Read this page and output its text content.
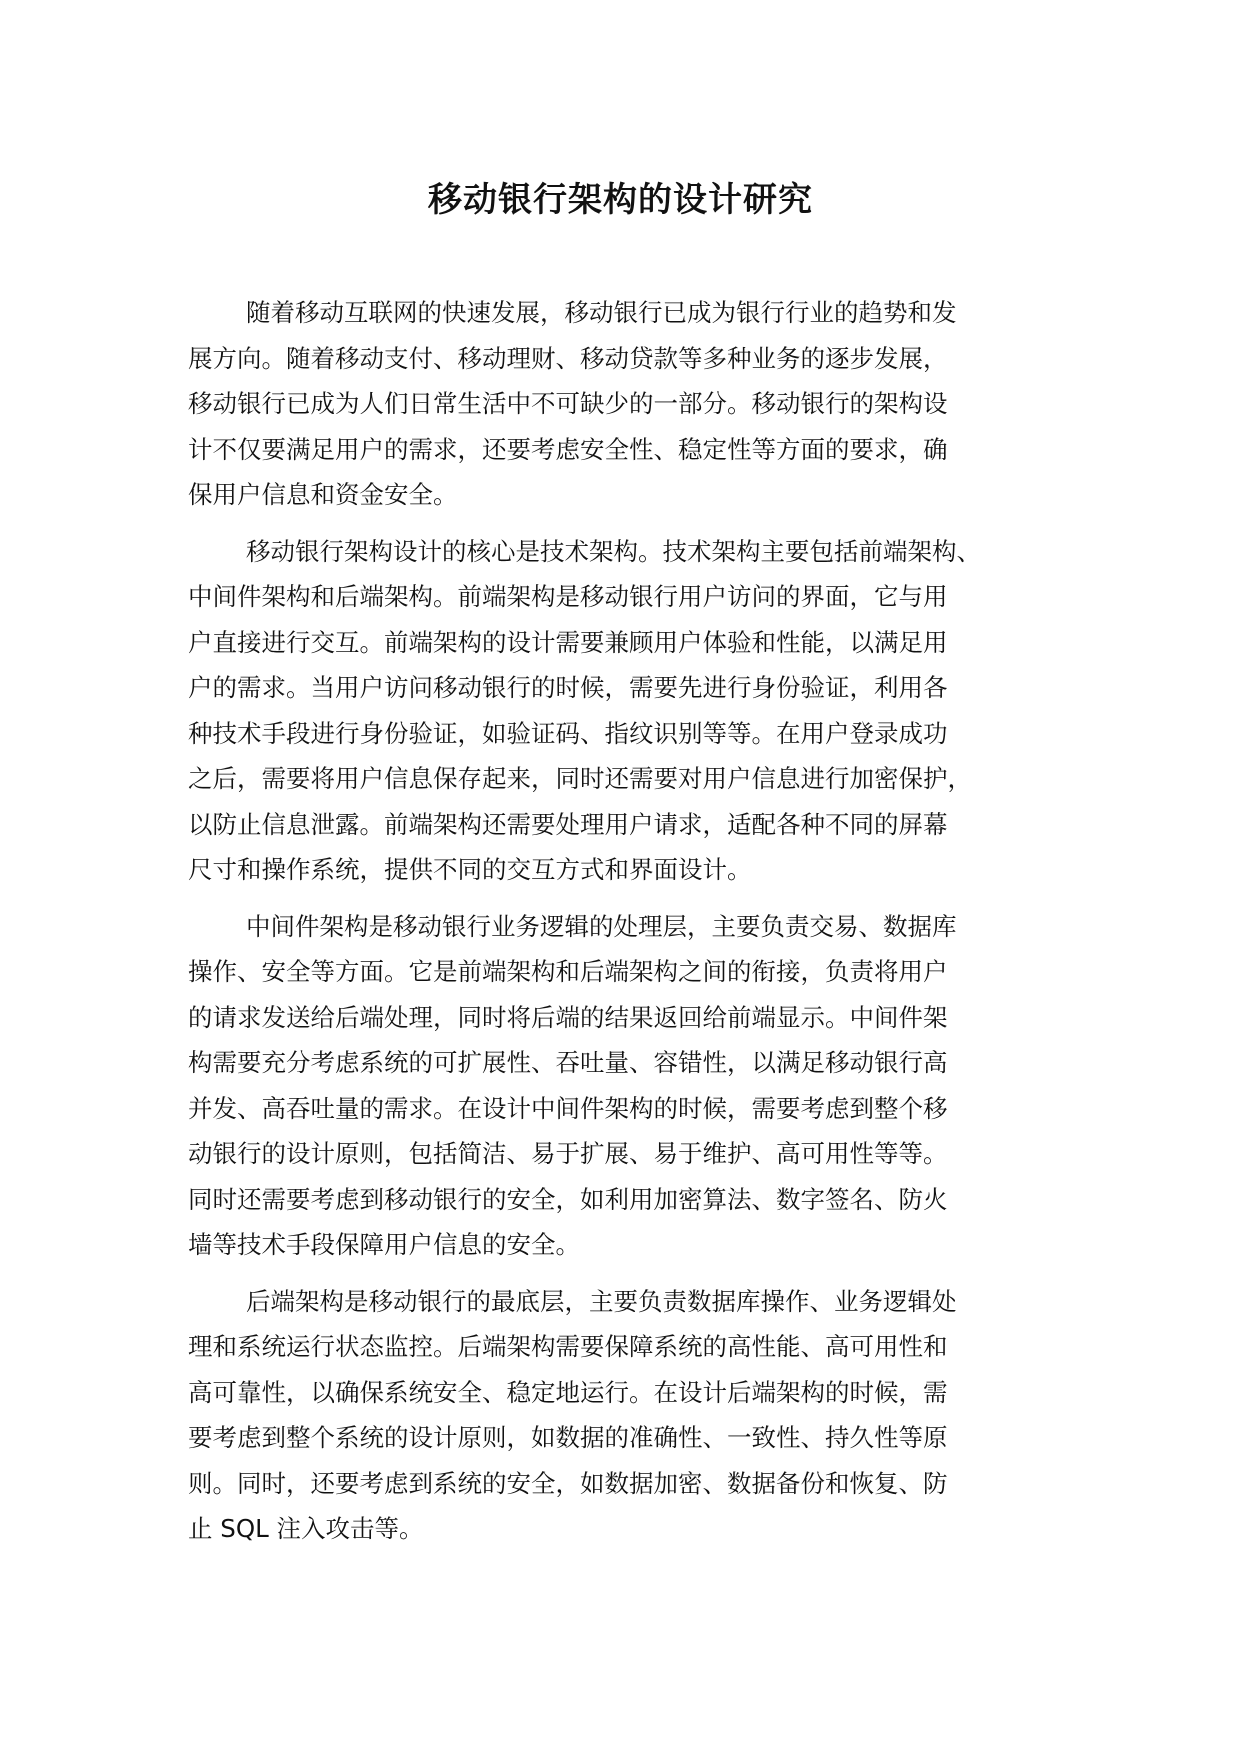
移动银行架构的设计研究
随着移动互联网的快速发展，移动银行已成为银行行业的趋势和发
展方向。随着移动支付、移动理财、移动贷款等多种业务的逐步发展，
移动银行已成为人们日常生活中不可缺少的一部分。移动银行的架构设
计不仅要满足用户的需求，还要考虑安全性、稳定性等方面的要求，确
保用户信息和资金安全。
移动银行架构设计的核心是技术架构。技术架构主要包括前端架构、
中间件架构和后端架构。前端架构是移动银行用户访问的界面，它与用
户直接进行交互。前端架构的设计需要兼顾用户体验和性能，以满足用
户的需求。当用户访问移动银行的时候，需要先进行身份验证，利用各
种技术手段进行身份验证，如验证码、指纹识别等等。在用户登录成功
之后，需要将用户信息保存起来，同时还需要对用户信息进行加密保护，
以防止信息泄露。前端架构还需要处理用户请求，适配各种不同的屏幕
尺寸和操作系统，提供不同的交互方式和界面设计。
中间件架构是移动银行业务逻辑的处理层，主要负责交易、数据库
操作、安全等方面。它是前端架构和后端架构之间的衔接，负责将用户
的请求发送给后端处理，同时将后端的结果返回给前端显示。中间件架
构需要充分考虑系统的可扩展性、吞吐量、容错性，以满足移动银行高
并发、高吞吐量的需求。在设计中间件架构的时候，需要考虑到整个移
动银行的设计原则，包括简洁、易于扩展、易于维护、高可用性等等。
同时还需要考虑到移动银行的安全，如利用加密算法、数字签名、防火
墙等技术手段保障用户信息的安全。
后端架构是移动银行的最底层，主要负责数据库操作、业务逻辑处
理和系统运行状态监控。后端架构需要保障系统的高性能、高可用性和
高可靠性，以确保系统安全、稳定地运行。在设计后端架构的时候，需
要考虑到整个系统的设计原则，如数据的准确性、一致性、持久性等原
则。同时，还要考虑到系统的安全，如数据加密、数据备份和恢复、防
止 SQL 注入攻击等。
